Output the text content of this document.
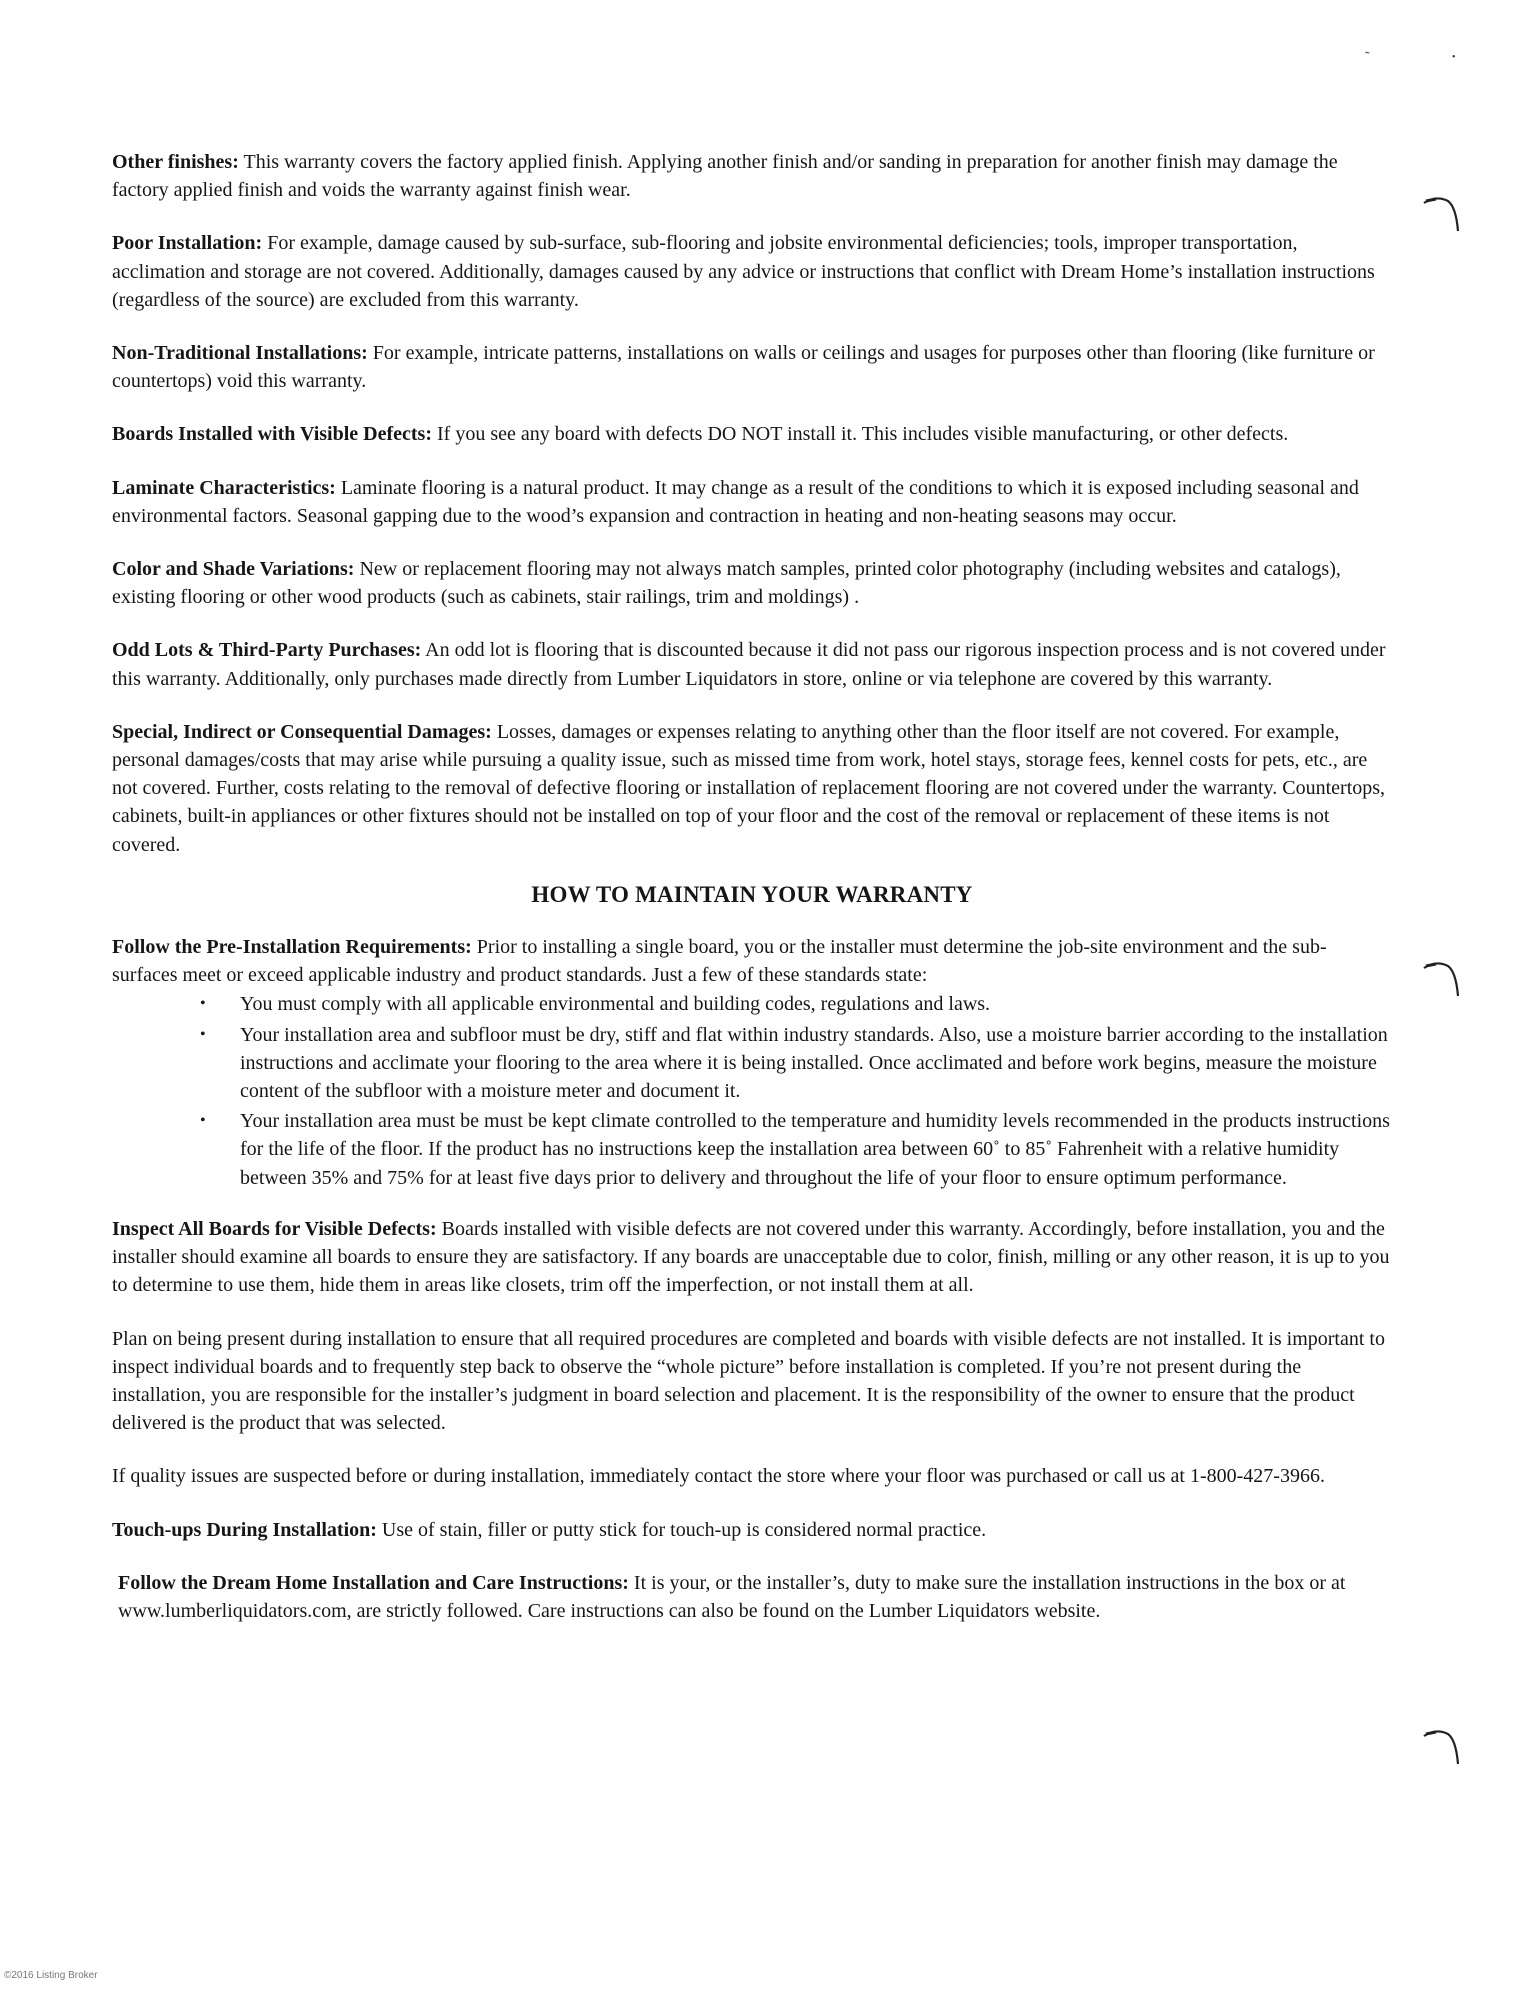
˜	•

Other finishes: This warranty covers the factory applied finish. Applying another finish and/or sanding in preparation for another finish may damage the factory applied finish and voids the warranty against finish wear.

Poor Installation: For example, damage caused by sub-surface, sub-flooring and jobsite environmental deficiencies; tools, improper transportation, acclimation and storage are not covered. Additionally, damages caused by any advice or instructions that conflict with Dream Home’s installation instructions (regardless of the source) are excluded from this warranty.

Non-Traditional Installations: For example, intricate patterns, installations on walls or ceilings and usages for purposes other than flooring (like furniture or countertops) void this warranty.

Boards Installed with Visible Defects: If you see any board with defects DO NOT install it. This includes visible manufacturing, or other defects.

Laminate Characteristics: Laminate flooring is a natural product. It may change as a result of the conditions to which it is exposed including seasonal and environmental factors. Seasonal gapping due to the wood’s expansion and contraction in heating and non-heating seasons may occur.

Color and Shade Variations: New or replacement flooring may not always match samples, printed color photography (including websites and catalogs), existing flooring or other wood products (such as cabinets, stair railings, trim and moldings) .

Odd Lots & Third-Party Purchases: An odd lot is flooring that is discounted because it did not pass our rigorous inspection process and is not covered under this warranty. Additionally, only purchases made directly from Lumber Liquidators in store, online or via telephone are covered by this warranty.

Special, Indirect or Consequential Damages: Losses, damages or expenses relating to anything other than the floor itself are not covered. For example, personal damages/costs that may arise while pursuing a quality issue, such as missed time from work, hotel stays, storage fees, kennel costs for pets, etc., are not covered. Further, costs relating to the removal of defective flooring or installation of replacement flooring are not covered under the warranty. Countertops, cabinets, built-in appliances or other fixtures should not be installed on top of your floor and the cost of the removal or replacement of these items is not covered.

HOW TO MAINTAIN YOUR WARRANTY

Follow the Pre-Installation Requirements: Prior to installing a single board, you or the installer must determine the job-site environment and the sub-surfaces meet or exceed applicable industry and product standards. Just a few of these standards state:

• You must comply with all applicable environmental and building codes, regulations and laws.
• Your installation area and subfloor must be dry, stiff and flat within industry standards. Also, use a moisture barrier according to the installation instructions and acclimate your flooring to the area where it is being installed. Once acclimated and before work begins, measure the moisture content of the subfloor with a moisture meter and document it.
• Your installation area must be must be kept climate controlled to the temperature and humidity levels recommended in the products instructions for the life of the floor. If the product has no instructions keep the installation area between 60˚ to 85˚ Fahrenheit with a relative humidity between 35% and 75% for at least five days prior to delivery and throughout the life of your floor to ensure optimum performance.

Inspect All Boards for Visible Defects: Boards installed with visible defects are not covered under this warranty. Accordingly, before installation, you and the installer should examine all boards to ensure they are satisfactory. If any boards are unacceptable due to color, finish, milling or any other reason, it is up to you to determine to use them, hide them in areas like closets, trim off the imperfection, or not install them at all.

Plan on being present during installation to ensure that all required procedures are completed and boards with visible defects are not installed. It is important to inspect individual boards and to frequently step back to observe the “whole picture” before installation is completed. If you’re not present during the installation, you are responsible for the installer’s judgment in board selection and placement. It is the responsibility of the owner to ensure that the product delivered is the product that was selected.

If quality issues are suspected before or during installation, immediately contact the store where your floor was purchased or call us at 1-800-427-3966.

Touch-ups During Installation: Use of stain, filler or putty stick for touch-up is considered normal practice.

Follow the Dream Home Installation and Care Instructions: It is your, or the installer’s, duty to make sure the installation instructions in the box or at www.lumberliquidators.com, are strictly followed. Care instructions can also be found on the Lumber Liquidators website.

©2016 Listing Broker
